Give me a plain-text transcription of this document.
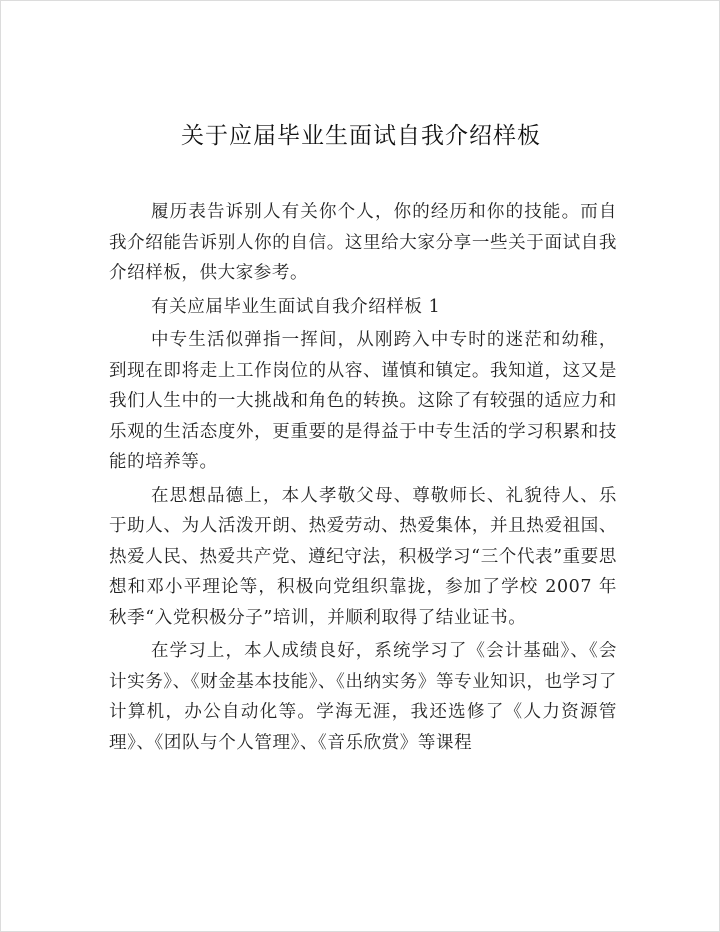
关于应届毕业生面试自我介绍样板

履历表告诉别人有关你个人，你的经历和你的技能。而自我介绍能告诉别人你的自信。这里给大家分享一些关于面试自我介绍样板，供大家参考。

有关应届毕业生面试自我介绍样板 1

中专生活似弹指一挥间，从刚跨入中专时的迷茫和幼稚，到现在即将走上工作岗位的从容、谨慎和镇定。我知道，这又是我们人生中的一大挑战和角色的转换。这除了有较强的适应力和乐观的生活态度外，更重要的是得益于中专生活的学习积累和技能的培养等。

在思想品德上，本人孝敬父母、尊敬师长、礼貌待人、乐于助人、为人活泼开朗、热爱劳动、热爱集体，并且热爱祖国、热爱人民、热爱共产党、遵纪守法，积极学习“三个代表”重要思想和邓小平理论等，积极向党组织靠拢，参加了学校 2007 年秋季“入党积极分子”培训，并顺利取得了结业证书。

在学习上，本人成绩良好，系统学习了《会计基础》、《会计实务》、《财金基本技能》、《出纳实务》等专业知识，也学习了计算机，办公自动化等。学海无涯，我还选修了《人力资源管理》、《团队与个人管理》、《音乐欣赏》等课程
